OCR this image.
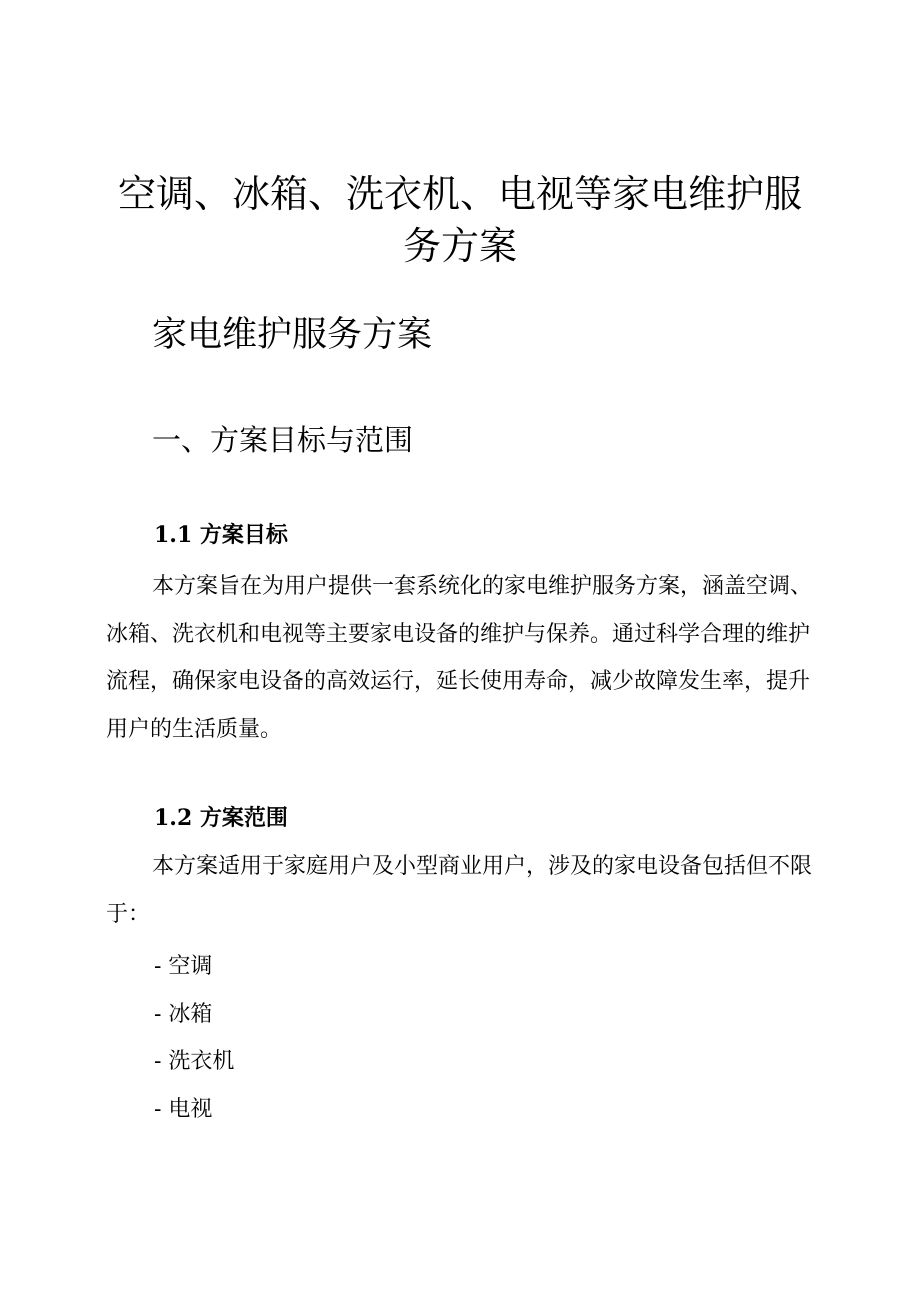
空调、冰箱、洗衣机、电视等家电维护服务方案
家电维护服务方案
一、方案目标与范围
1.1 方案目标

本方案旨在为用户提供一套系统化的家电维护服务方案，涵盖空调、冰箱、洗衣机和电视等主要家电设备的维护与保养。通过科学合理的维护流程，确保家电设备的高效运行，延长使用寿命，减少故障发生率，提升用户的生活质量。

1.2 方案范围

本方案适用于家庭用户及小型商业用户，涉及的家电设备包括但不限于：

- 空调
- 冰箱
- 洗衣机
- 电视
